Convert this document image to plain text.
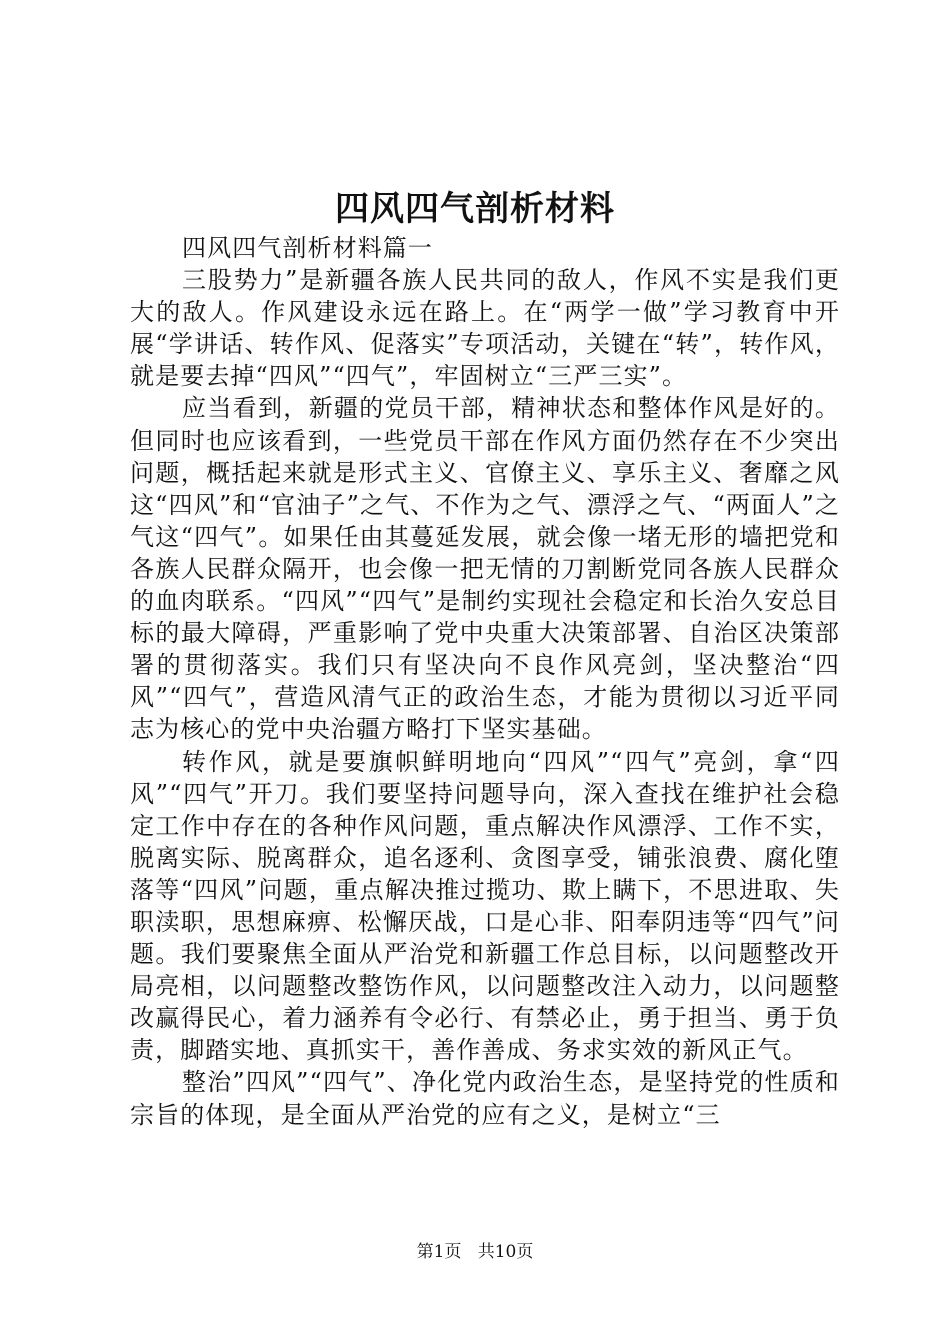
四风四气剖析材料

四风四气剖析材料篇一

三股势力”是新疆各族人民共同的敌人，作风不实是我们更大的敌人。作风建设永远在路上。在“两学一做”学习教育中开展“学讲话、转作风、促落实”专项活动，关键在“转”，转作风，就是要去掉“四风”“四气”，牢固树立“三严三实”。

应当看到，新疆的党员干部，精神状态和整体作风是好的。但同时也应该看到，一些党员干部在作风方面仍然存在不少突出问题，概括起来就是形式主义、官僚主义、享乐主义、奢靡之风这“四风”和“官油子”之气、不作为之气、漂浮之气、“两面人”之气这“四气”。如果任由其蔓延发展，就会像一堵无形的墙把党和各族人民群众隔开，也会像一把无情的刀割断党同各族人民群众的血肉联系。“四风”“四气”是制约实现社会稳定和长治久安总目标的最大障碍，严重影响了党中央重大决策部署、自治区决策部署的贯彻落实。我们只有坚决向不良作风亮剑，坚决整治“四风”“四气”，营造风清气正的政治生态，才能为贯彻以习近平同志为核心的党中央治疆方略打下坚实基础。

转作风，就是要旗帜鲜明地向“四风”“四气”亮剑，拿“四风”“四气”开刀。我们要坚持问题导向，深入查找在维护社会稳定工作中存在的各种作风问题，重点解决作风漂浮、工作不实，脱离实际、脱离群众，追名逐利、贪图享受，铺张浪费、腐化堕落等“四风”问题，重点解决推过揽功、欺上瞒下，不思进取、失职渎职，思想麻痹、松懈厌战，口是心非、阳奉阴违等“四气”问题。我们要聚焦全面从严治党和新疆工作总目标，以问题整改开局亮相，以问题整改整饬作风，以问题整改注入动力，以问题整改赢得民心，着力涵养有令必行、有禁必止，勇于担当、勇于负责，脚踏实地、真抓实干，善作善成、务求实效的新风正气。

整治”四风”“四气”、净化党内政治生态，是坚持党的性质和宗旨的体现，是全面从严治党的应有之义，是树立“三

第1页 共10页
